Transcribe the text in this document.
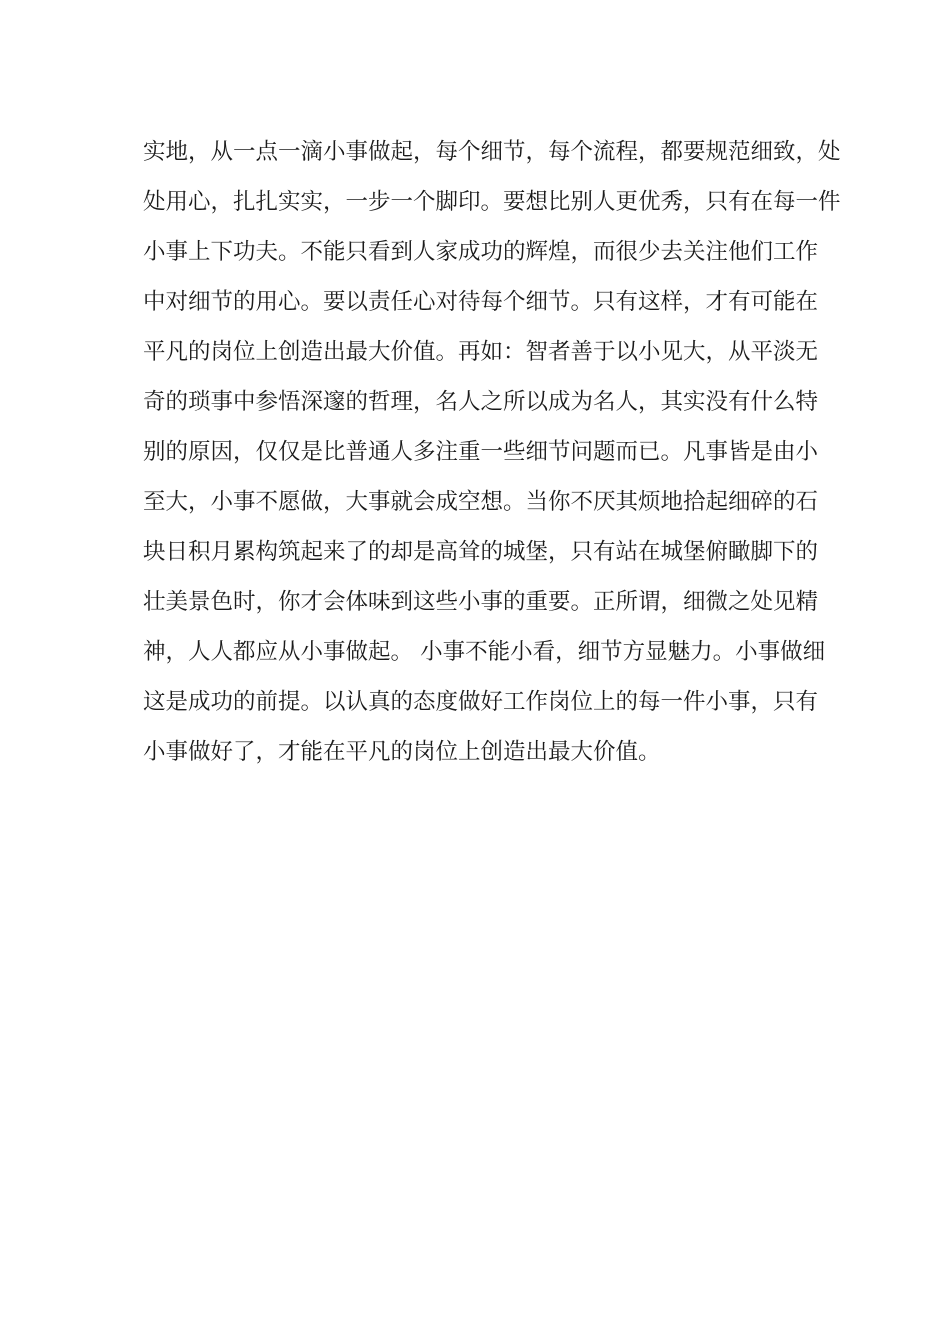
实地，从一点一滴小事做起，每个细节，每个流程，都要规范细致，处
处用心，扎扎实实，一步一个脚印。要想比别人更优秀，只有在每一件
小事上下功夫。不能只看到人家成功的辉煌，而很少去关注他们工作
中对细节的用心。要以责任心对待每个细节。只有这样，才有可能在
平凡的岗位上创造出最大价值。再如：智者善于以小见大，从平淡无
奇的琐事中参悟深邃的哲理，名人之所以成为名人，其实没有什么特
别的原因，仅仅是比普通人多注重一些细节问题而已。凡事皆是由小
至大，小事不愿做，大事就会成空想。当你不厌其烦地拾起细碎的石
块日积月累构筑起来了的却是高耸的城堡，只有站在城堡俯瞰脚下的
壮美景色时，你才会体味到这些小事的重要。正所谓，细微之处见精
神，人人都应从小事做起。 小事不能小看，细节方显魅力。小事做细
这是成功的前提。以认真的态度做好工作岗位上的每一件小事，只有
小事做好了，才能在平凡的岗位上创造出最大价值。
